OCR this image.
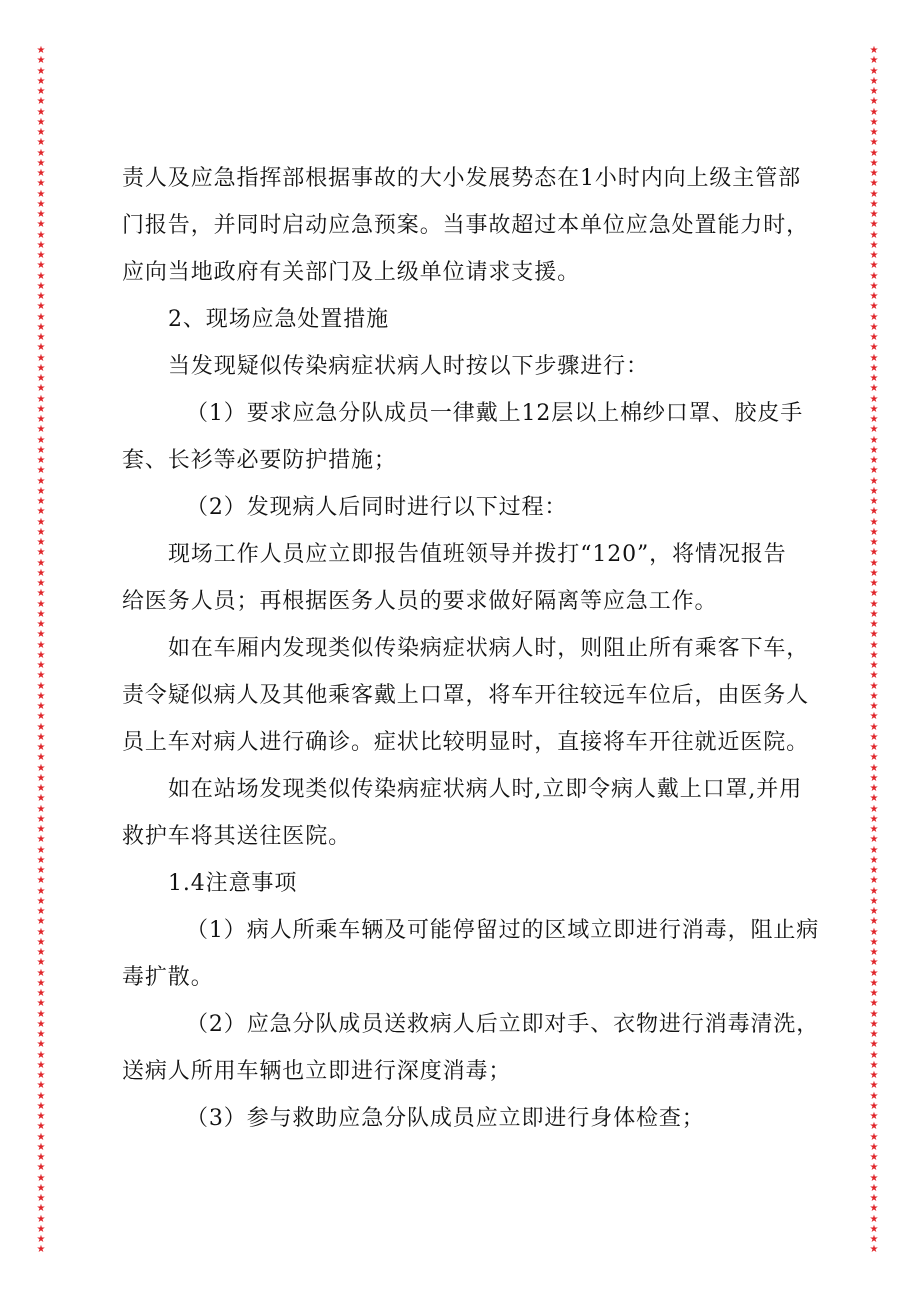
★
★
★
★
★
★
★
★
★
★
★
★
★
★
★
★
★
★
★
★
★
★
★
★
★
★
★
★
★
★
★
★
★
★
★
★
★
★
★
★
★
★
★
★
★
★
★
★
★
★
★
★
★
★
★
★
★
★
★
★
★
★
★
★
★
★
★
★
★
★
★
★
★
★
★
★
★
★
★
★
★
★
★
★
★
★
★
★
★
★
★
★
★
★
★
★
★
★
★
★
★
★
★
★
★
★
★
★
★
★
★
★
★
★
★
★
★
★
★
★
★
★
★
★
★
★
★
★
★
★
★
★
★
★
★
★
★
★
★
★
★
★
★
★
★
★
★
★
★
★
★
★
★
★
★
★
★
★
★
★
★
★
★
★
★
★
★
★
★
★
★
★
★
★
★
★
★
★
★
★
★
★
★
★
★
★
★
★
★
★
★
★
★
★
★
★
★
★
★
★
★
★
★
★
★
★
★
★
★
★
★
★
★
★
★
★
★
★
★
★
★
★
★
★
★
★
★
★
★
★
★
★
★
★
★
★

责人及应急指挥部根据事故的大小发展势态在1小时内向上级主管部
门报告，并同时启动应急预案。当事故超过本单位应急处置能力时，
应向当地政府有关部门及上级单位请求支援。

2、现场应急处置措施

当发现疑似传染病症状病人时按以下步骤进行：

（1）要求应急分队成员一律戴上12层以上棉纱口罩、胶皮手
套、长衫等必要防护措施；

（2）发现病人后同时进行以下过程：

现场工作人员应立即报告值班领导并拨打“120”，将情况报告
给医务人员；再根据医务人员的要求做好隔离等应急工作。

如在车厢内发现类似传染病症状病人时，则阻止所有乘客下车，
责令疑似病人及其他乘客戴上口罩，将车开往较远车位后，由医务人
员上车对病人进行确诊。症状比较明显时，直接将车开往就近医院。

如在站场发现类似传染病症状病人时,立即令病人戴上口罩,并用
救护车将其送往医院。

1.4注意事项

（1）病人所乘车辆及可能停留过的区域立即进行消毒，阻止病
毒扩散。

（2）应急分队成员送救病人后立即对手、衣物进行消毒清洗，
送病人所用车辆也立即进行深度消毒；

（3）参与救助应急分队成员应立即进行身体检查；
